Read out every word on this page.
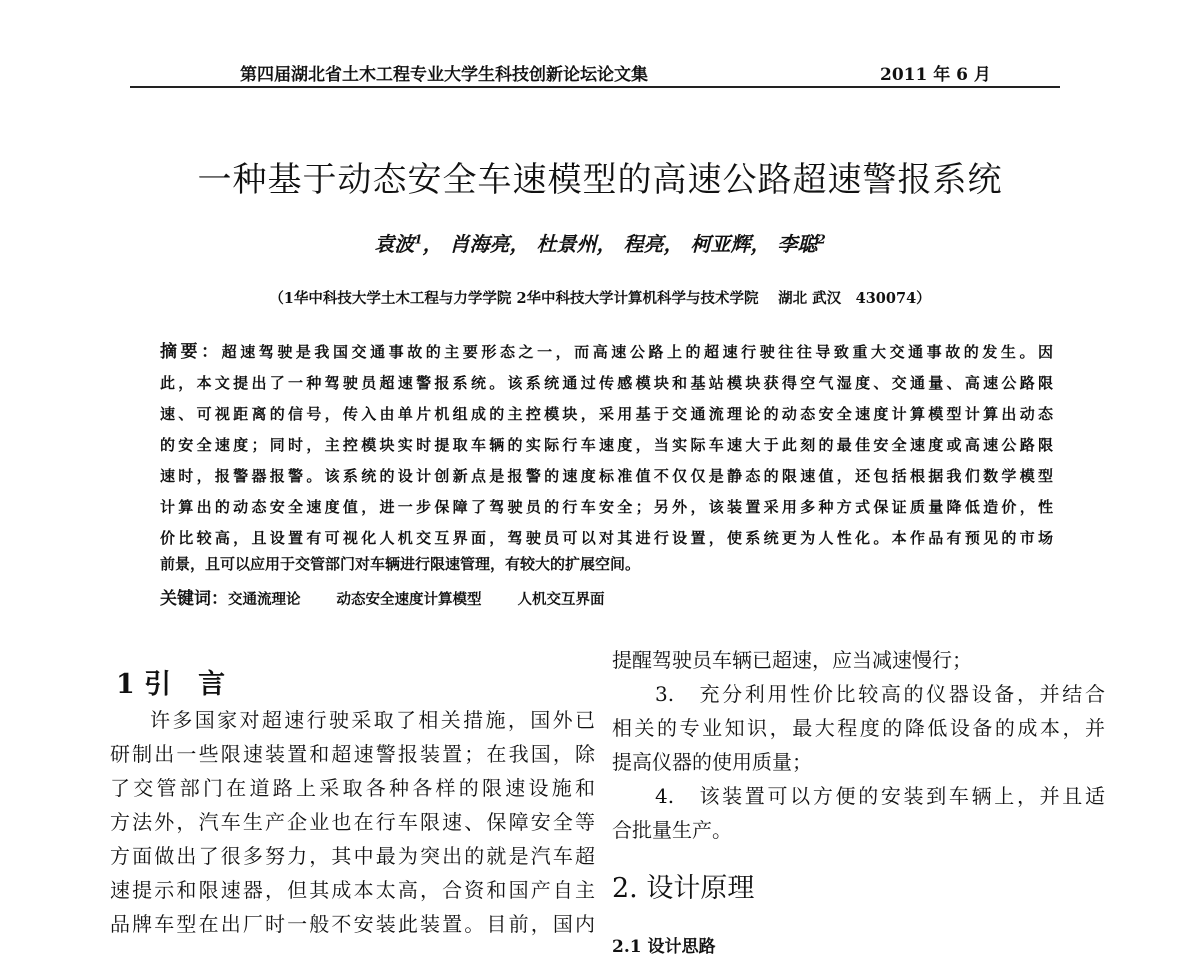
第四届湖北省土木工程专业大学生科技创新论坛论文集	2011 年 6 月
一种基于动态安全车速模型的高速公路超速警报系统
袁波$^1$， 肖海亮， 杜景州， 程亮， 柯亚辉， 李聪$^2$
（1华中科技大学土木工程与力学学院 2华中科技大学计算机科学与技术学院　 湖北 武汉　430074）
摘要：超速驾驶是我国交通事故的主要形态之一，而高速公路上的超速行驶往往导致重大交通事故的发生。因
此，本文提出了一种驾驶员超速警报系统。该系统通过传感模块和基站模块获得空气湿度、交通量、高速公路限
速、可视距离的信号，传入由单片机组成的主控模块，采用基于交通流理论的动态安全速度计算模型计算出动态
的安全速度；同时，主控模块实时提取车辆的实际行车速度，当实际车速大于此刻的最佳安全速度或高速公路限
速时，报警器报警。该系统的设计创新点是报警的速度标准值不仅仅是静态的限速值，还包括根据我们数学模型
计算出的动态安全速度值，进一步保障了驾驶员的行车安全；另外，该装置采用多种方式保证质量降低造价，性
价比较高，且设置有可视化人机交互界面，驾驶员可以对其进行设置，使系统更为人性化。本作品有预见的市场
前景，且可以应用于交管部门对车辆进行限速管理，有较大的扩展空间。
关键词：交通流理论 动态安全速度计算模型 人机交互界面
1 引　言
许多国家对超速行驶采取了相关措施，国外已
研制出一些限速装置和超速警报装置；在我国，除
了交管部门在道路上采取各种各样的限速设施和
方法外，汽车生产企业也在行车限速、保障安全等
方面做出了很多努力，其中最为突出的就是汽车超
速提示和限速器，但其成本太高，合资和国产自主
品牌车型在出厂时一般不安装此装置。目前，国内
提醒驾驶员车辆已超速，应当减速慢行；
3.　充分利用性价比较高的仪器设备，并结合
相关的专业知识，最大程度的降低设备的成本，并
提高仪器的使用质量；
4.　该装置可以方便的安装到车辆上，并且适
合批量生产。
2. 设计原理
2.1 设计思路
